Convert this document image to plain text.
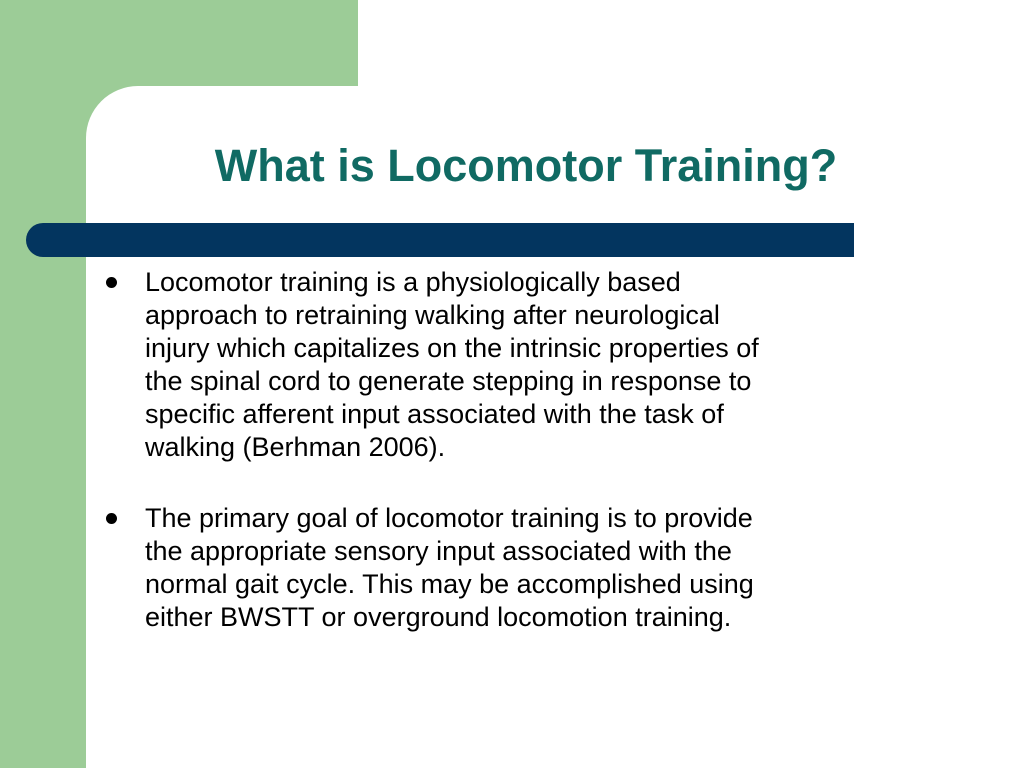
What is Locomotor Training?
Locomotor training is a physiologically based
approach to retraining walking after neurological
injury which capitalizes on the intrinsic properties of
the spinal cord to generate stepping in response to
specific afferent input associated with the task of
walking (Berhman 2006).
The primary goal of locomotor training is to provide
the appropriate sensory input associated with the
normal gait cycle. This may be accomplished using
either BWSTT or overground locomotion training.
